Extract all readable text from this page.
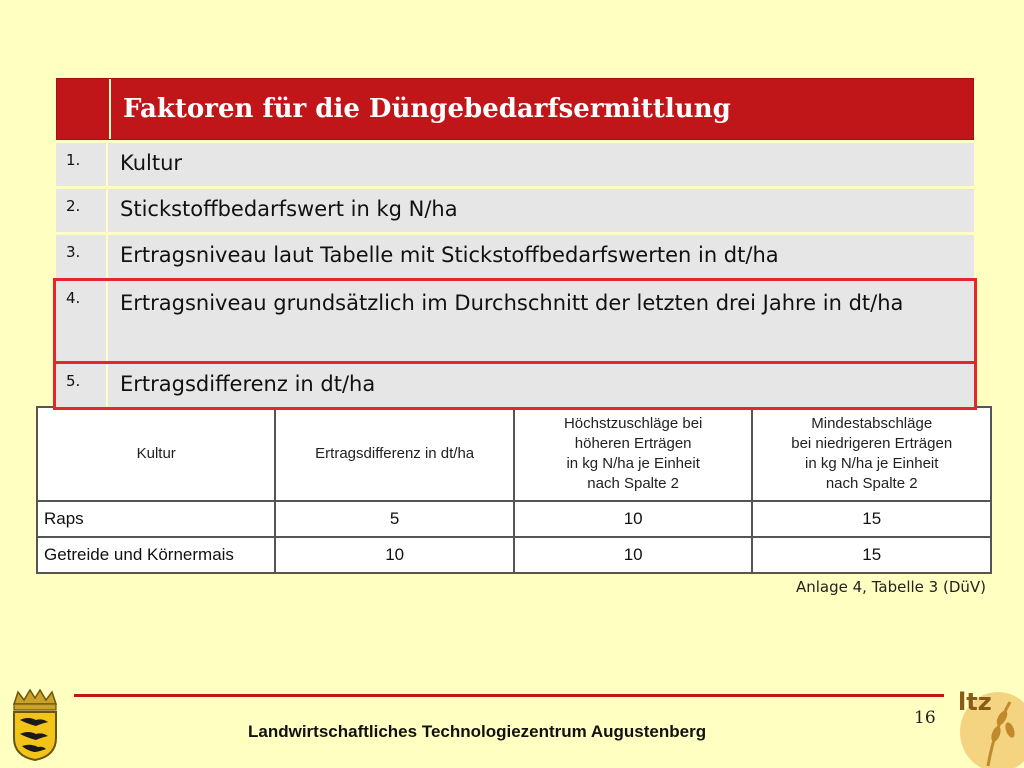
Faktoren für die Düngebedarfsermittlung
1.	Kultur
2.	Stickstoffbedarfswert in kg N/ha
3.	Ertragsniveau laut Tabelle mit Stickstoffbedarfswerten in dt/ha
4.	Ertragsniveau grundsätzlich im Durchschnitt der letzten drei Jahre in dt/ha
5.	Ertragsdifferenz in dt/ha
Kultur	Ertragsdifferenz in dt/ha	Höchstzuschläge bei
höheren Erträgen
in kg N/ha je Einheit
nach Spalte 2	Mindestabschläge
bei niedrigeren Erträgen
in kg N/ha je Einheit
nach Spalte 2
Raps	5	10	15
Getreide und Körnermais	10	10	15
Anlage 4, Tabelle 3 (DüV)
16
Landwirtschaftliches Technologiezentrum Augustenberg
ltz
